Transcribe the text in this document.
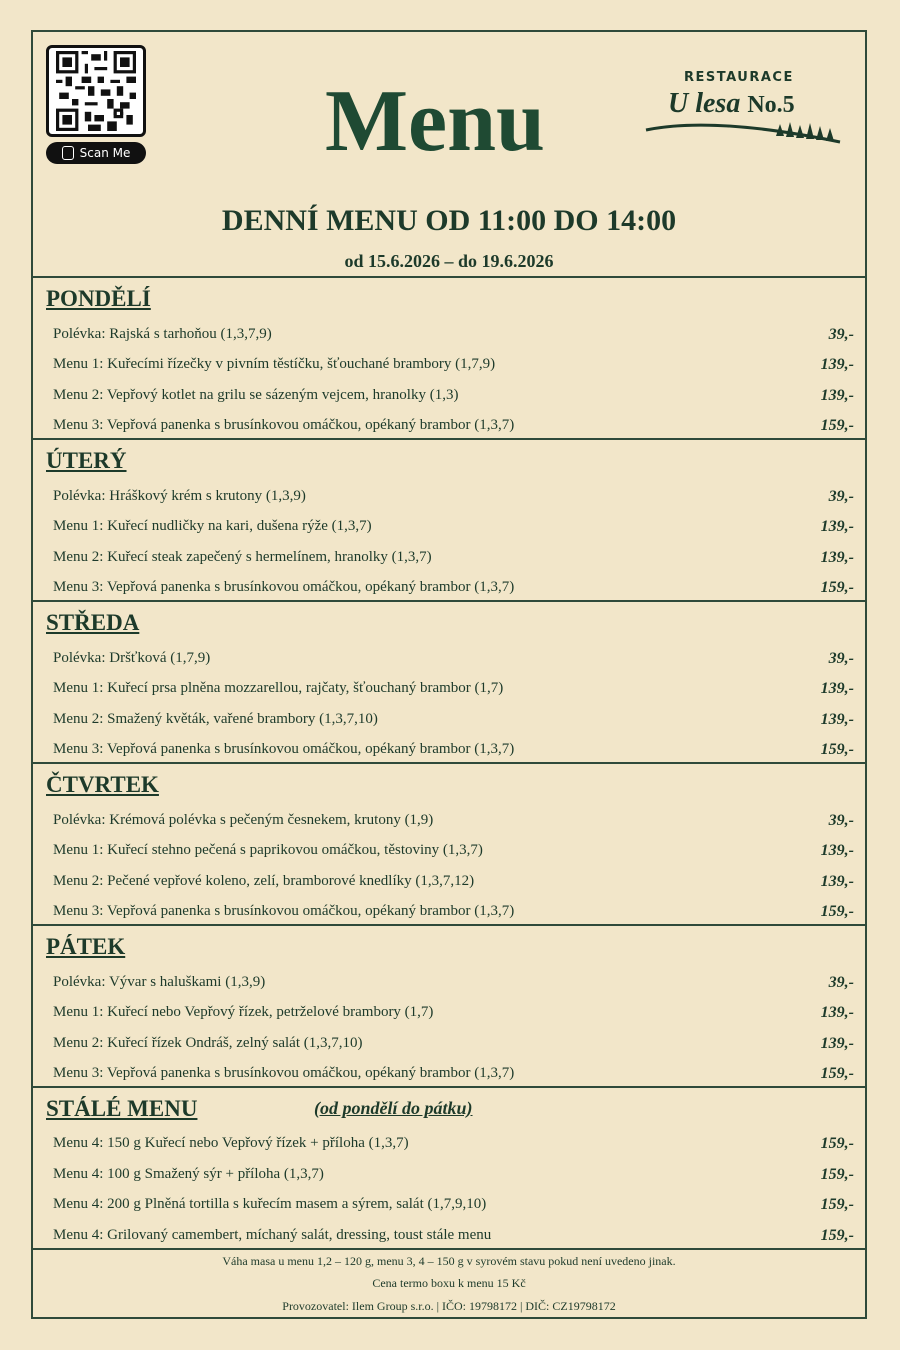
Scan Me Menu	RESTAURACE
U lesa No.5
DENNÍ MENU OD 11:00 DO 14:00
od 15.6.2026 – do 19.6.2026
PONDĚLÍ
Polévka: Rajská s tarhoňou (1,3,7,9)	39,-
Menu 1: Kuřecími řízečky v pivním těstíčku, šťouchané brambory (1,7,9)	139,-
Menu 2: Vepřový kotlet na grilu se sázeným vejcem, hranolky (1,3)	139,-
Menu 3: Vepřová panenka s brusínkovou omáčkou, opékaný brambor (1,3,7)	159,-
ÚTERÝ
Polévka: Hráškový krém s krutony (1,3,9)	39,-
Menu 1: Kuřecí nudličky na kari, dušena rýže (1,3,7)	139,-
Menu 2: Kuřecí steak zapečený s hermelínem, hranolky (1,3,7)	139,-
Menu 3: Vepřová panenka s brusínkovou omáčkou, opékaný brambor (1,3,7)	159,-
STŘEDA
Polévka: Dršťková (1,7,9)	39,-
Menu 1: Kuřecí prsa plněna mozzarellou, rajčaty, šťouchaný brambor (1,7)	139,-
Menu 2: Smažený květák, vařené brambory (1,3,7,10)	139,-
Menu 3: Vepřová panenka s brusínkovou omáčkou, opékaný brambor (1,3,7)	159,-
ČTVRTEK
Polévka: Krémová polévka s pečeným česnekem, krutony (1,9)	39,-
Menu 1: Kuřecí stehno pečená s paprikovou omáčkou, těstoviny (1,3,7)	139,-
Menu 2: Pečené vepřové koleno, zelí, bramborové knedlíky (1,3,7,12)	139,-
Menu 3: Vepřová panenka s brusínkovou omáčkou, opékaný brambor (1,3,7)	159,-
PÁTEK
Polévka: Vývar s haluškami (1,3,9)	39,-
Menu 1: Kuřecí nebo Vepřový řízek, petrželové brambory (1,7)	139,-
Menu 2: Kuřecí řízek Ondráš, zelný salát (1,3,7,10)	139,-
Menu 3: Vepřová panenka s brusínkovou omáčkou, opékaný brambor (1,3,7)	159,-
STÁLÉ MENU	(od pondělí do pátku)
Menu 4: 150 g Kuřecí nebo Vepřový řízek + příloha (1,3,7)	159,-
Menu 4: 100 g Smažený sýr + příloha (1,3,7)	159,-
Menu 4: 200 g Plněná tortilla s kuřecím masem a sýrem, salát (1,7,9,10)	159,-
Menu 4: Grilovaný camembert, míchaný salát, dressing, toust stále menu	159,-
Váha masa u menu 1,2 – 120 g, menu 3, 4 – 150 g v syrovém stavu pokud není uvedeno jinak.
Cena termo boxu k menu 15 Kč
Provozovatel: Ilem Group s.r.o. | IČO: 19798172 | DIČ: CZ19798172
